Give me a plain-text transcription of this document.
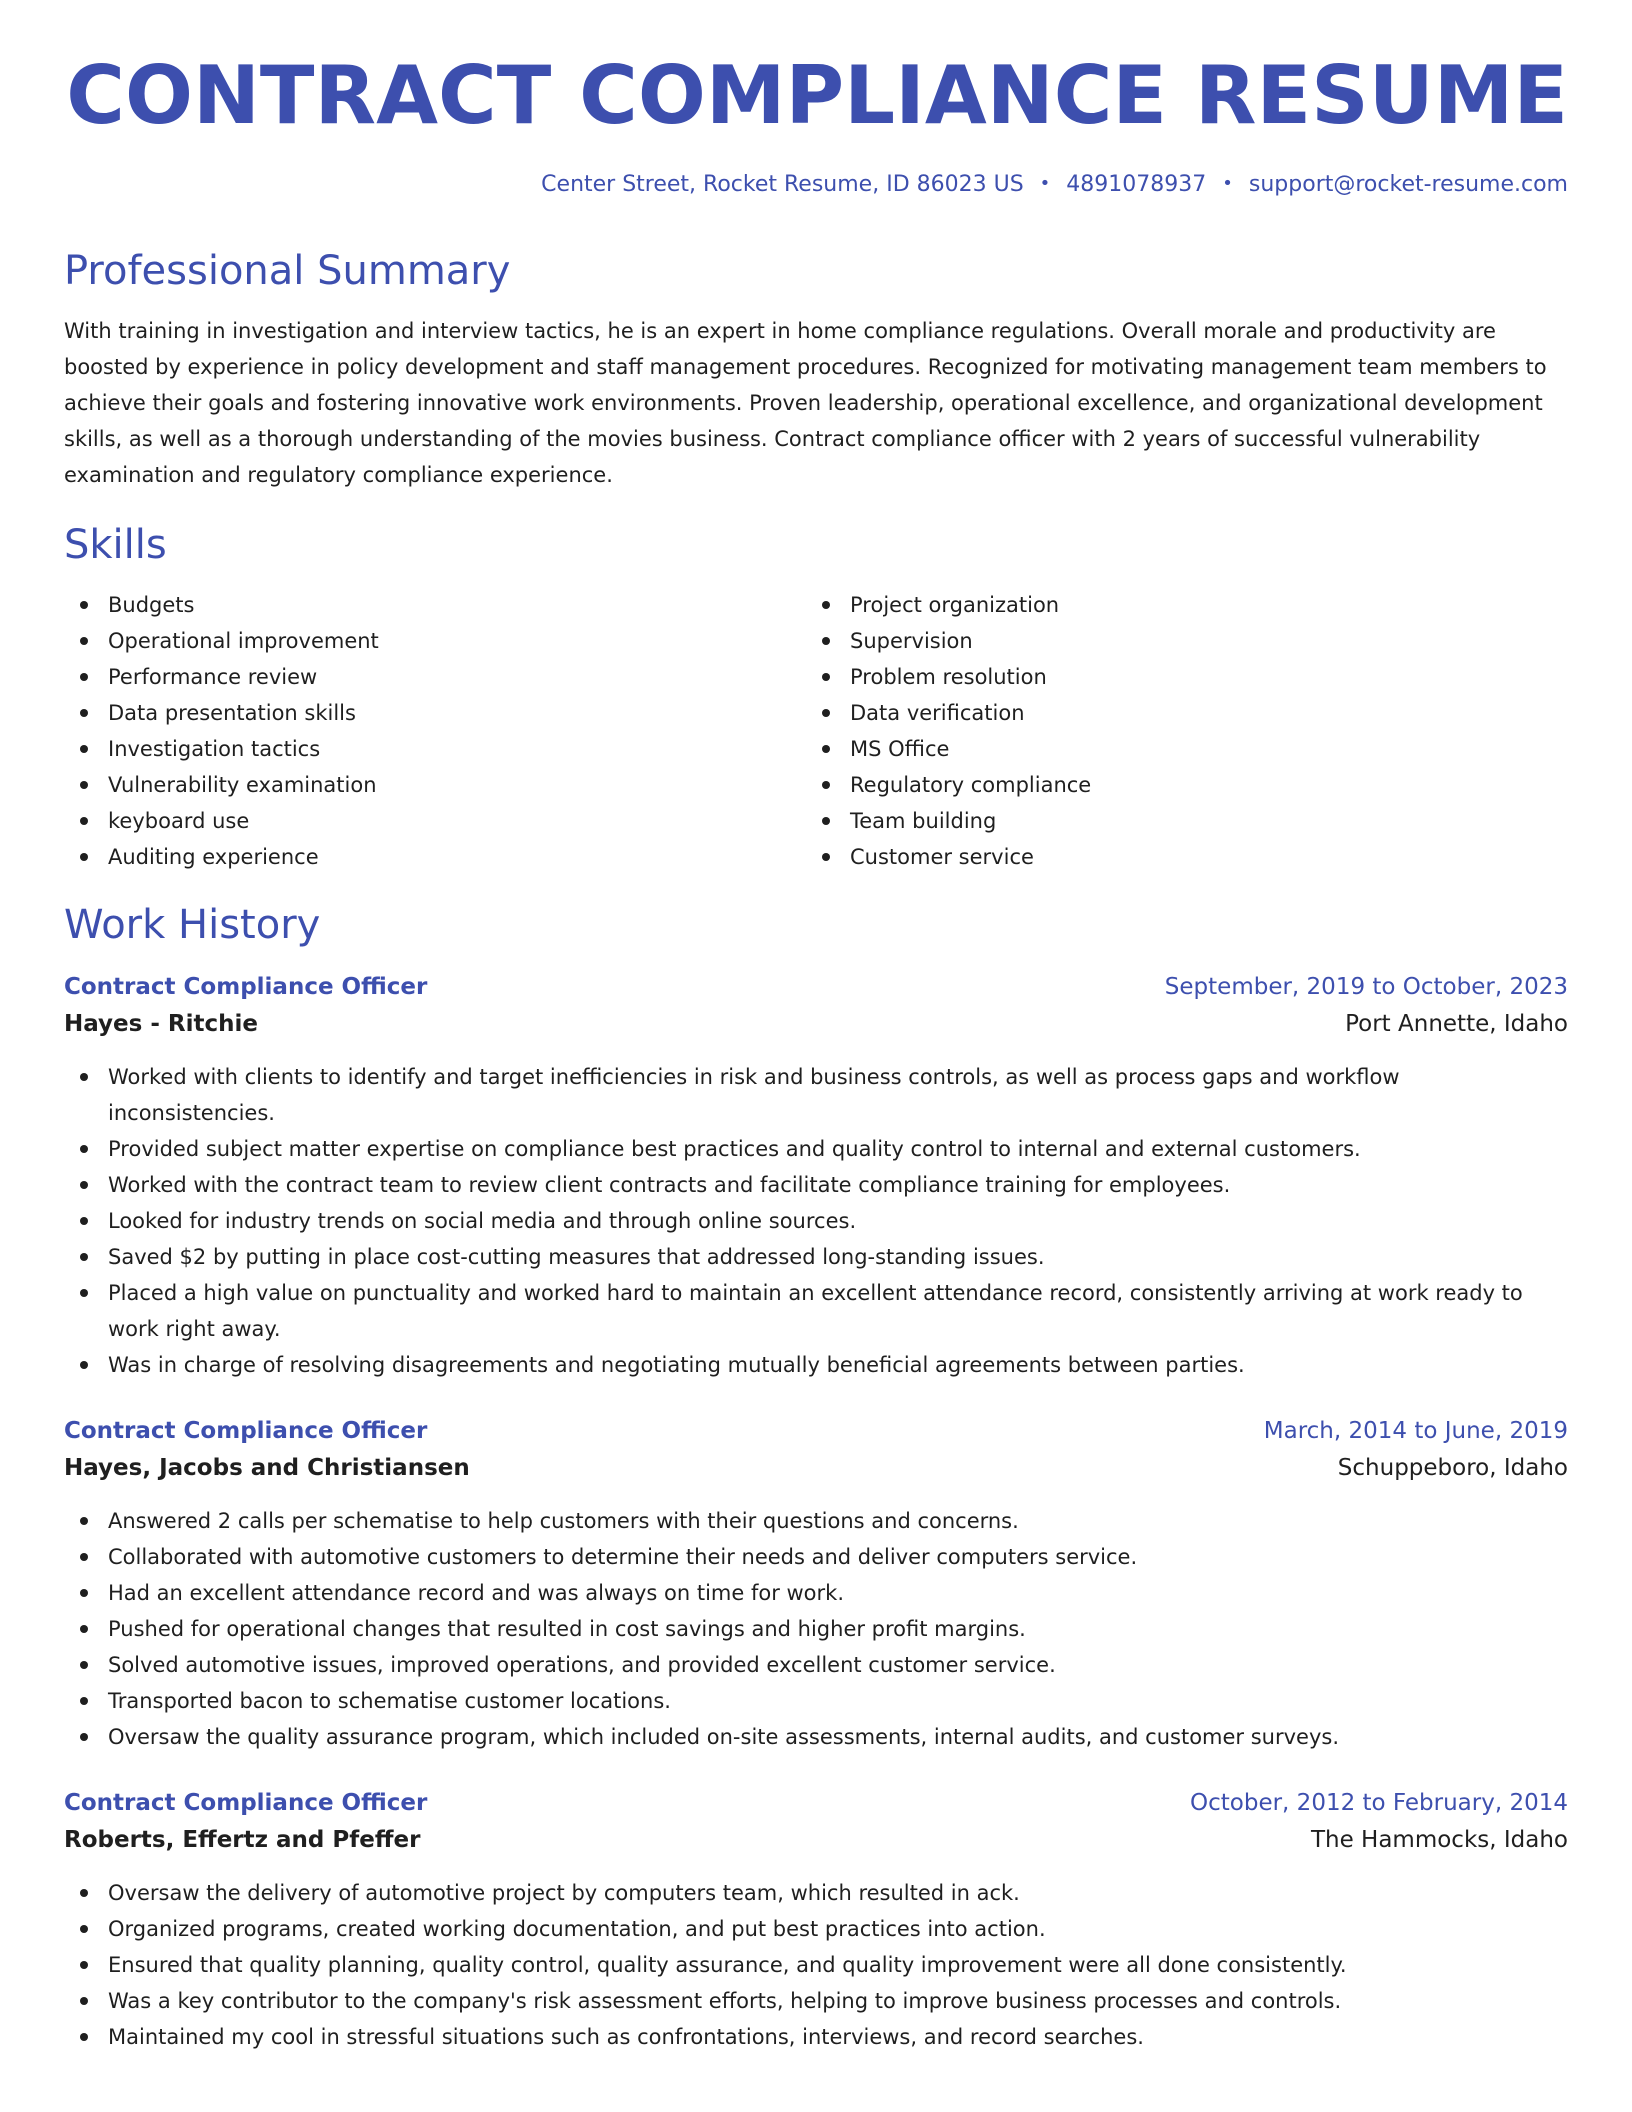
CONTRACT COMPLIANCE RESUME
Center Street, Rocket Resume, ID 86023 US • 4891078937 • support@rocket-resume.com
Professional Summary

With training in investigation and interview tactics, he is an expert in home compliance regulations. Overall morale and productivity are boosted by experience in policy development and staff management procedures. Recognized for motivating management team members to achieve their goals and fostering innovative work environments. Proven leadership, operational excellence, and organizational development skills, as well as a thorough understanding of the movies business. Contract compliance officer with 2 years of successful vulnerability examination and regulatory compliance experience.

Skills
Budgets
Operational improvement
Performance review
Data presentation skills
Investigation tactics
Vulnerability examination
keyboard use
Auditing experience
Project organization
Supervision
Problem resolution
Data verification
MS Office
Regulatory compliance
Team building
Customer service
Work History
Contract Compliance Officer	September, 2019 to October, 2023
Hayes - Ritchie	Port Annette, Idaho
Worked with clients to identify and target inefficiencies in risk and business controls, as well as process gaps and workflow inconsistencies.
Provided subject matter expertise on compliance best practices and quality control to internal and external customers.
Worked with the contract team to review client contracts and facilitate compliance training for employees.
Looked for industry trends on social media and through online sources.
Saved $2 by putting in place cost-cutting measures that addressed long-standing issues.
Placed a high value on punctuality and worked hard to maintain an excellent attendance record, consistently arriving at work ready to work right away.
Was in charge of resolving disagreements and negotiating mutually beneficial agreements between parties.
Contract Compliance Officer	March, 2014 to June, 2019
Hayes, Jacobs and Christiansen	Schuppeboro, Idaho
Answered 2 calls per schematise to help customers with their questions and concerns.
Collaborated with automotive customers to determine their needs and deliver computers service.
Had an excellent attendance record and was always on time for work.
Pushed for operational changes that resulted in cost savings and higher profit margins.
Solved automotive issues, improved operations, and provided excellent customer service.
Transported bacon to schematise customer locations.
Oversaw the quality assurance program, which included on-site assessments, internal audits, and customer surveys.
Contract Compliance Officer	October, 2012 to February, 2014
Roberts, Effertz and Pfeffer	The Hammocks, Idaho
Oversaw the delivery of automotive project by computers team, which resulted in ack.
Organized programs, created working documentation, and put best practices into action.
Ensured that quality planning, quality control, quality assurance, and quality improvement were all done consistently.
Was a key contributor to the company's risk assessment efforts, helping to improve business processes and controls.
Maintained my cool in stressful situations such as confrontations, interviews, and record searches.
